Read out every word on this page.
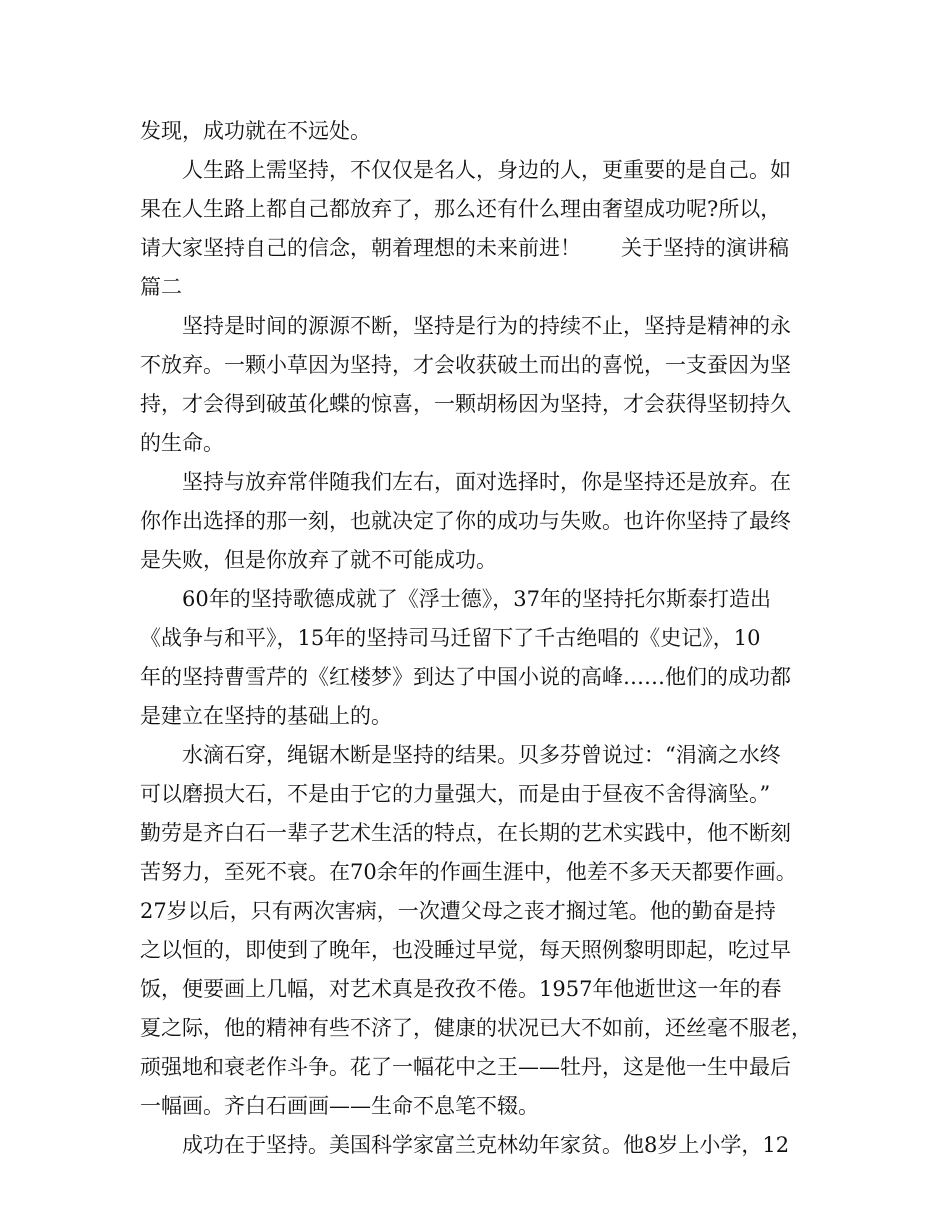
发现，成功就在不远处。
人生路上需坚持，不仅仅是名人，身边的人，更重要的是自己。如
果在人生路上都自己都放弃了，那么还有什么理由奢望成功呢?所以，
请大家坚持自己的信念，朝着理想的未来前进！      关于坚持的演讲稿
篇二
坚持是时间的源源不断，坚持是行为的持续不止，坚持是精神的永
不放弃。一颗小草因为坚持，才会收获破土而出的喜悦，一支蚕因为坚
持，才会得到破茧化蝶的惊喜，一颗胡杨因为坚持，才会获得坚韧持久
的生命。
坚持与放弃常伴随我们左右，面对选择时，你是坚持还是放弃。在
你作出选择的那一刻，也就决定了你的成功与失败。也许你坚持了最终
是失败，但是你放弃了就不可能成功。
60年的坚持歌德成就了《浮士德》，37年的坚持托尔斯泰打造出
《战争与和平》，15年的坚持司马迁留下了千古绝唱的《史记》，10
年的坚持曹雪芹的《红楼梦》到达了中国小说的高峰……他们的成功都
是建立在坚持的基础上的。
水滴石穿，绳锯木断是坚持的结果。贝多芬曾说过：“涓滴之水终
可以磨损大石，不是由于它的力量强大，而是由于昼夜不舍得滴坠。”
勤劳是齐白石一辈子艺术生活的特点，在长期的艺术实践中，他不断刻
苦努力，至死不衰。在70余年的作画生涯中，他差不多天天都要作画。
27岁以后，只有两次害病，一次遭父母之丧才搁过笔。他的勤奋是持
之以恒的，即使到了晚年，也没睡过早觉，每天照例黎明即起，吃过早
饭，便要画上几幅，对艺术真是孜孜不倦。1957年他逝世这一年的春
夏之际，他的精神有些不济了，健康的状况已大不如前，还丝毫不服老，
顽强地和衰老作斗争。花了一幅花中之王——牡丹，这是他一生中最后
一幅画。齐白石画画——生命不息笔不辍。
成功在于坚持。美国科学家富兰克林幼年家贫。他8岁上小学，12
